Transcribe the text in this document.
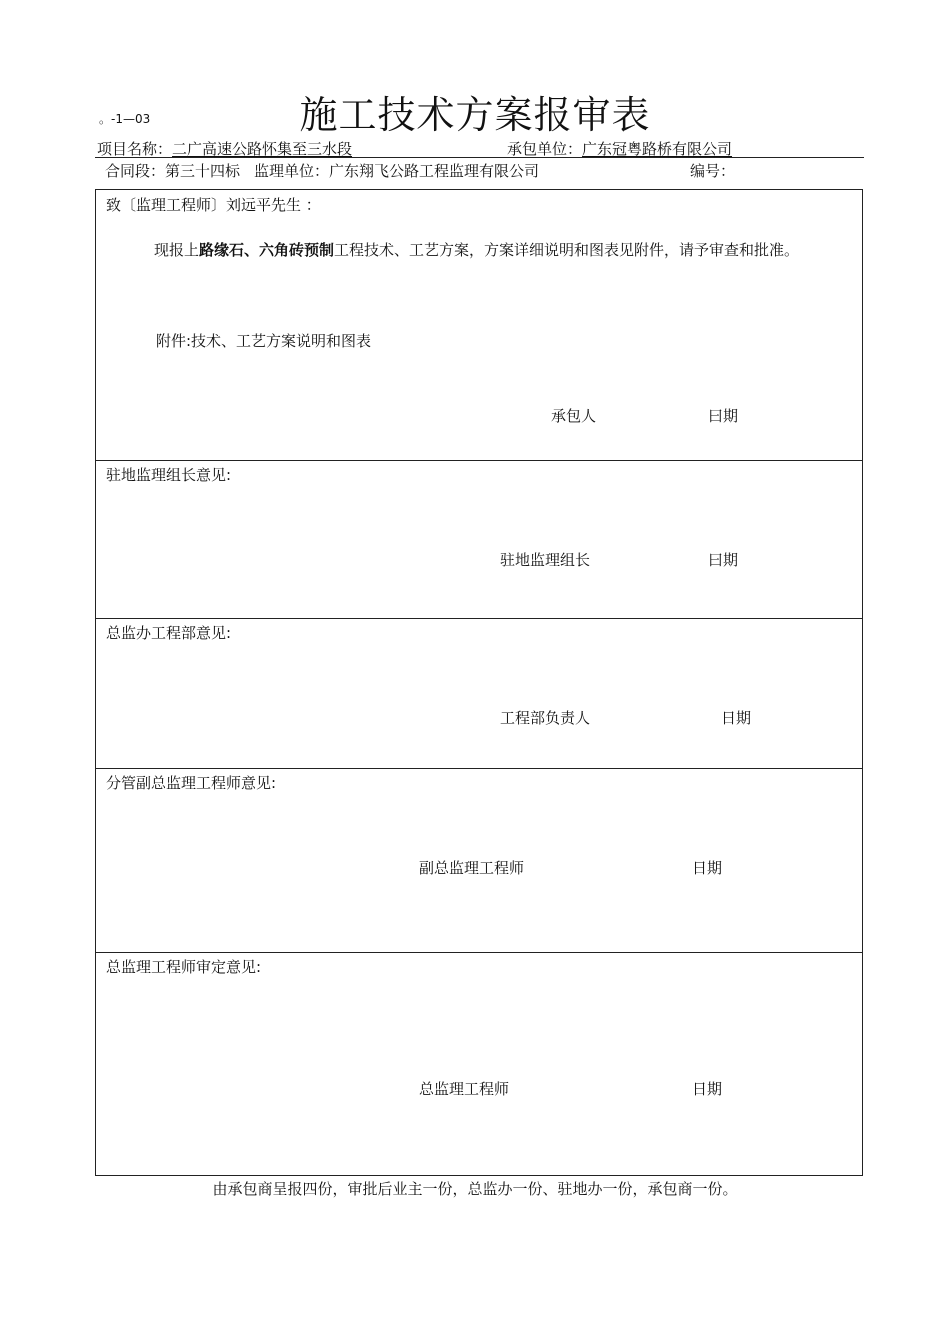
。-1—03	施工技术方案报审表
项目名称：二广高速公路怀集至三水段	承包单位：广东冠粤路桥有限公司
合同段：第三十四标 监理单位：广东翔飞公路工程监理有限公司	编号：
致〔监理工程师〕刘远平先生 ：
现报上路缘石、六角砖预制工程技术、工艺方案，方案详细说明和图表见附件，请予审查和批准。
附件:技术、工艺方案说明和图表
承包人	曰期
驻地监理组长意见:
驻地监理组长	曰期
总监办工程部意见:
工程部负责人	日期
分管副总监理工程师意见:
副总监理工程师	日期
总监理工程师审定意见:
总监理工程师	日期
由承包商呈报四份，审批后业主一份，总监办一份、驻地办一份，承包商一份。
